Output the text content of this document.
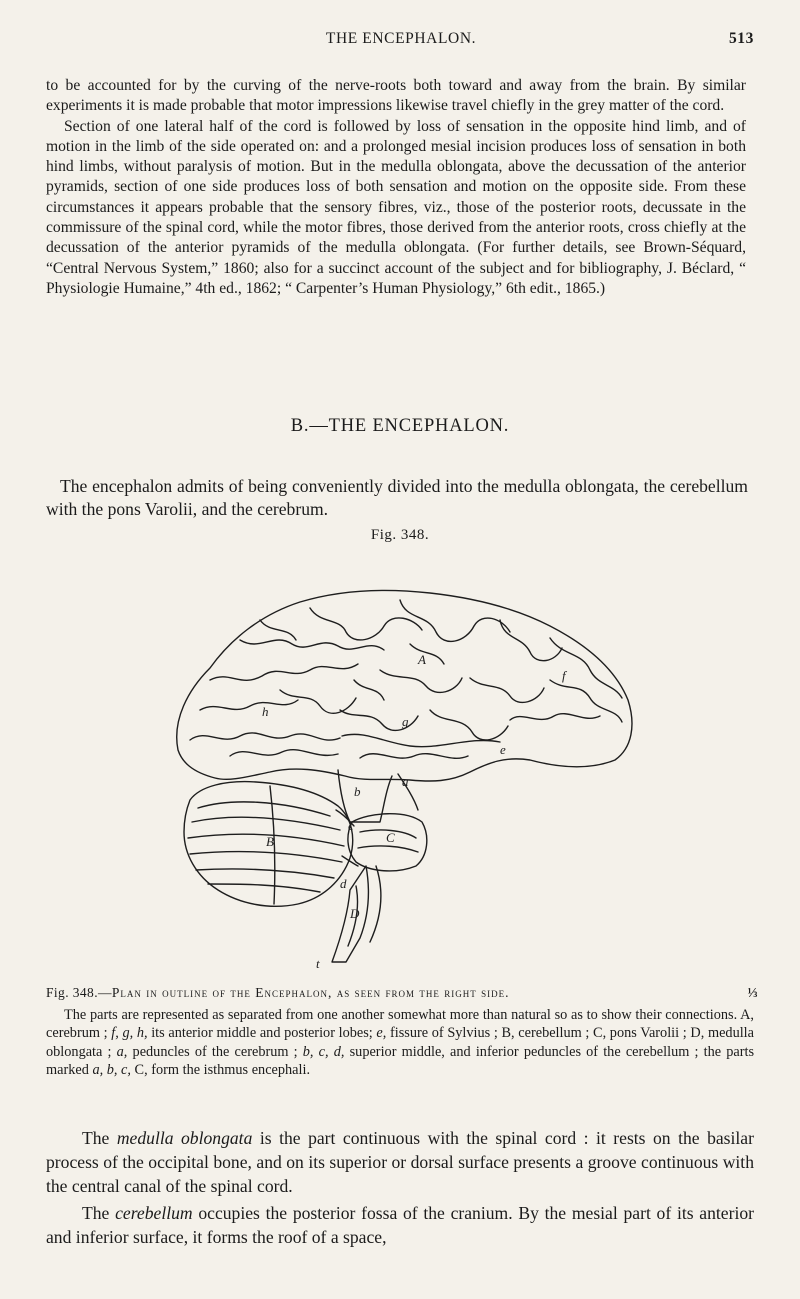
THE ENCEPHALON.	513

to be accounted for by the curving of the nerve-roots both toward and away from the brain. By similar experiments it is made probable that motor impressions likewise travel chiefly in the grey matter of the cord.

Section of one lateral half of the cord is followed by loss of sensation in the opposite hind limb, and of motion in the limb of the side operated on: and a prolonged mesial incision produces loss of sensation in both hind limbs, without paralysis of motion. But in the medulla oblongata, above the decussation of the anterior pyramids, section of one side produces loss of both sensation and motion on the opposite side. From these circumstances it appears probable that the sensory fibres, viz., those of the posterior roots, decussate in the commissure of the spinal cord, while the motor fibres, those derived from the anterior roots, cross chiefly at the decussation of the anterior pyramids of the medulla oblongata. (For further details, see Brown-Séquard, “Central Nervous System,” 1860; also for a succinct account of the subject and for bibliography, J. Béclard, “ Physiologie Humaine,” 4th ed., 1862; “ Carpenter’s Human Physiology,” 6th edit., 1865.)

B.—THE ENCEPHALON.

The encephalon admits of being conveniently divided into the medulla oblongata, the cerebellum with the pons Varolii, and the cerebrum.

Fig. 348.
A
B	C
D
a
b
c
d
e
f
g
h
t
Fig. 348.—Plan in outline of the Encephalon, as seen from the right side.	⅓

The parts are represented as separated from one another somewhat more than natural so as to show their connections. A, cerebrum ; f, g, h, its anterior middle and posterior lobes; e, fissure of Sylvius ; B, cerebellum ; C, pons Varolii ; D, medulla oblongata ; a, peduncles of the cerebrum ; b, c, d, superior middle, and inferior peduncles of the cerebellum ; the parts marked a, b, c, C, form the isthmus encephali.

The medulla oblongata is the part continuous with the spinal cord : it rests on the basilar process of the occipital bone, and on its superior or dorsal surface presents a groove continuous with the central canal of the spinal cord.

The cerebellum occupies the posterior fossa of the cranium. By the mesial part of its anterior and inferior surface, it forms the roof of a space,
